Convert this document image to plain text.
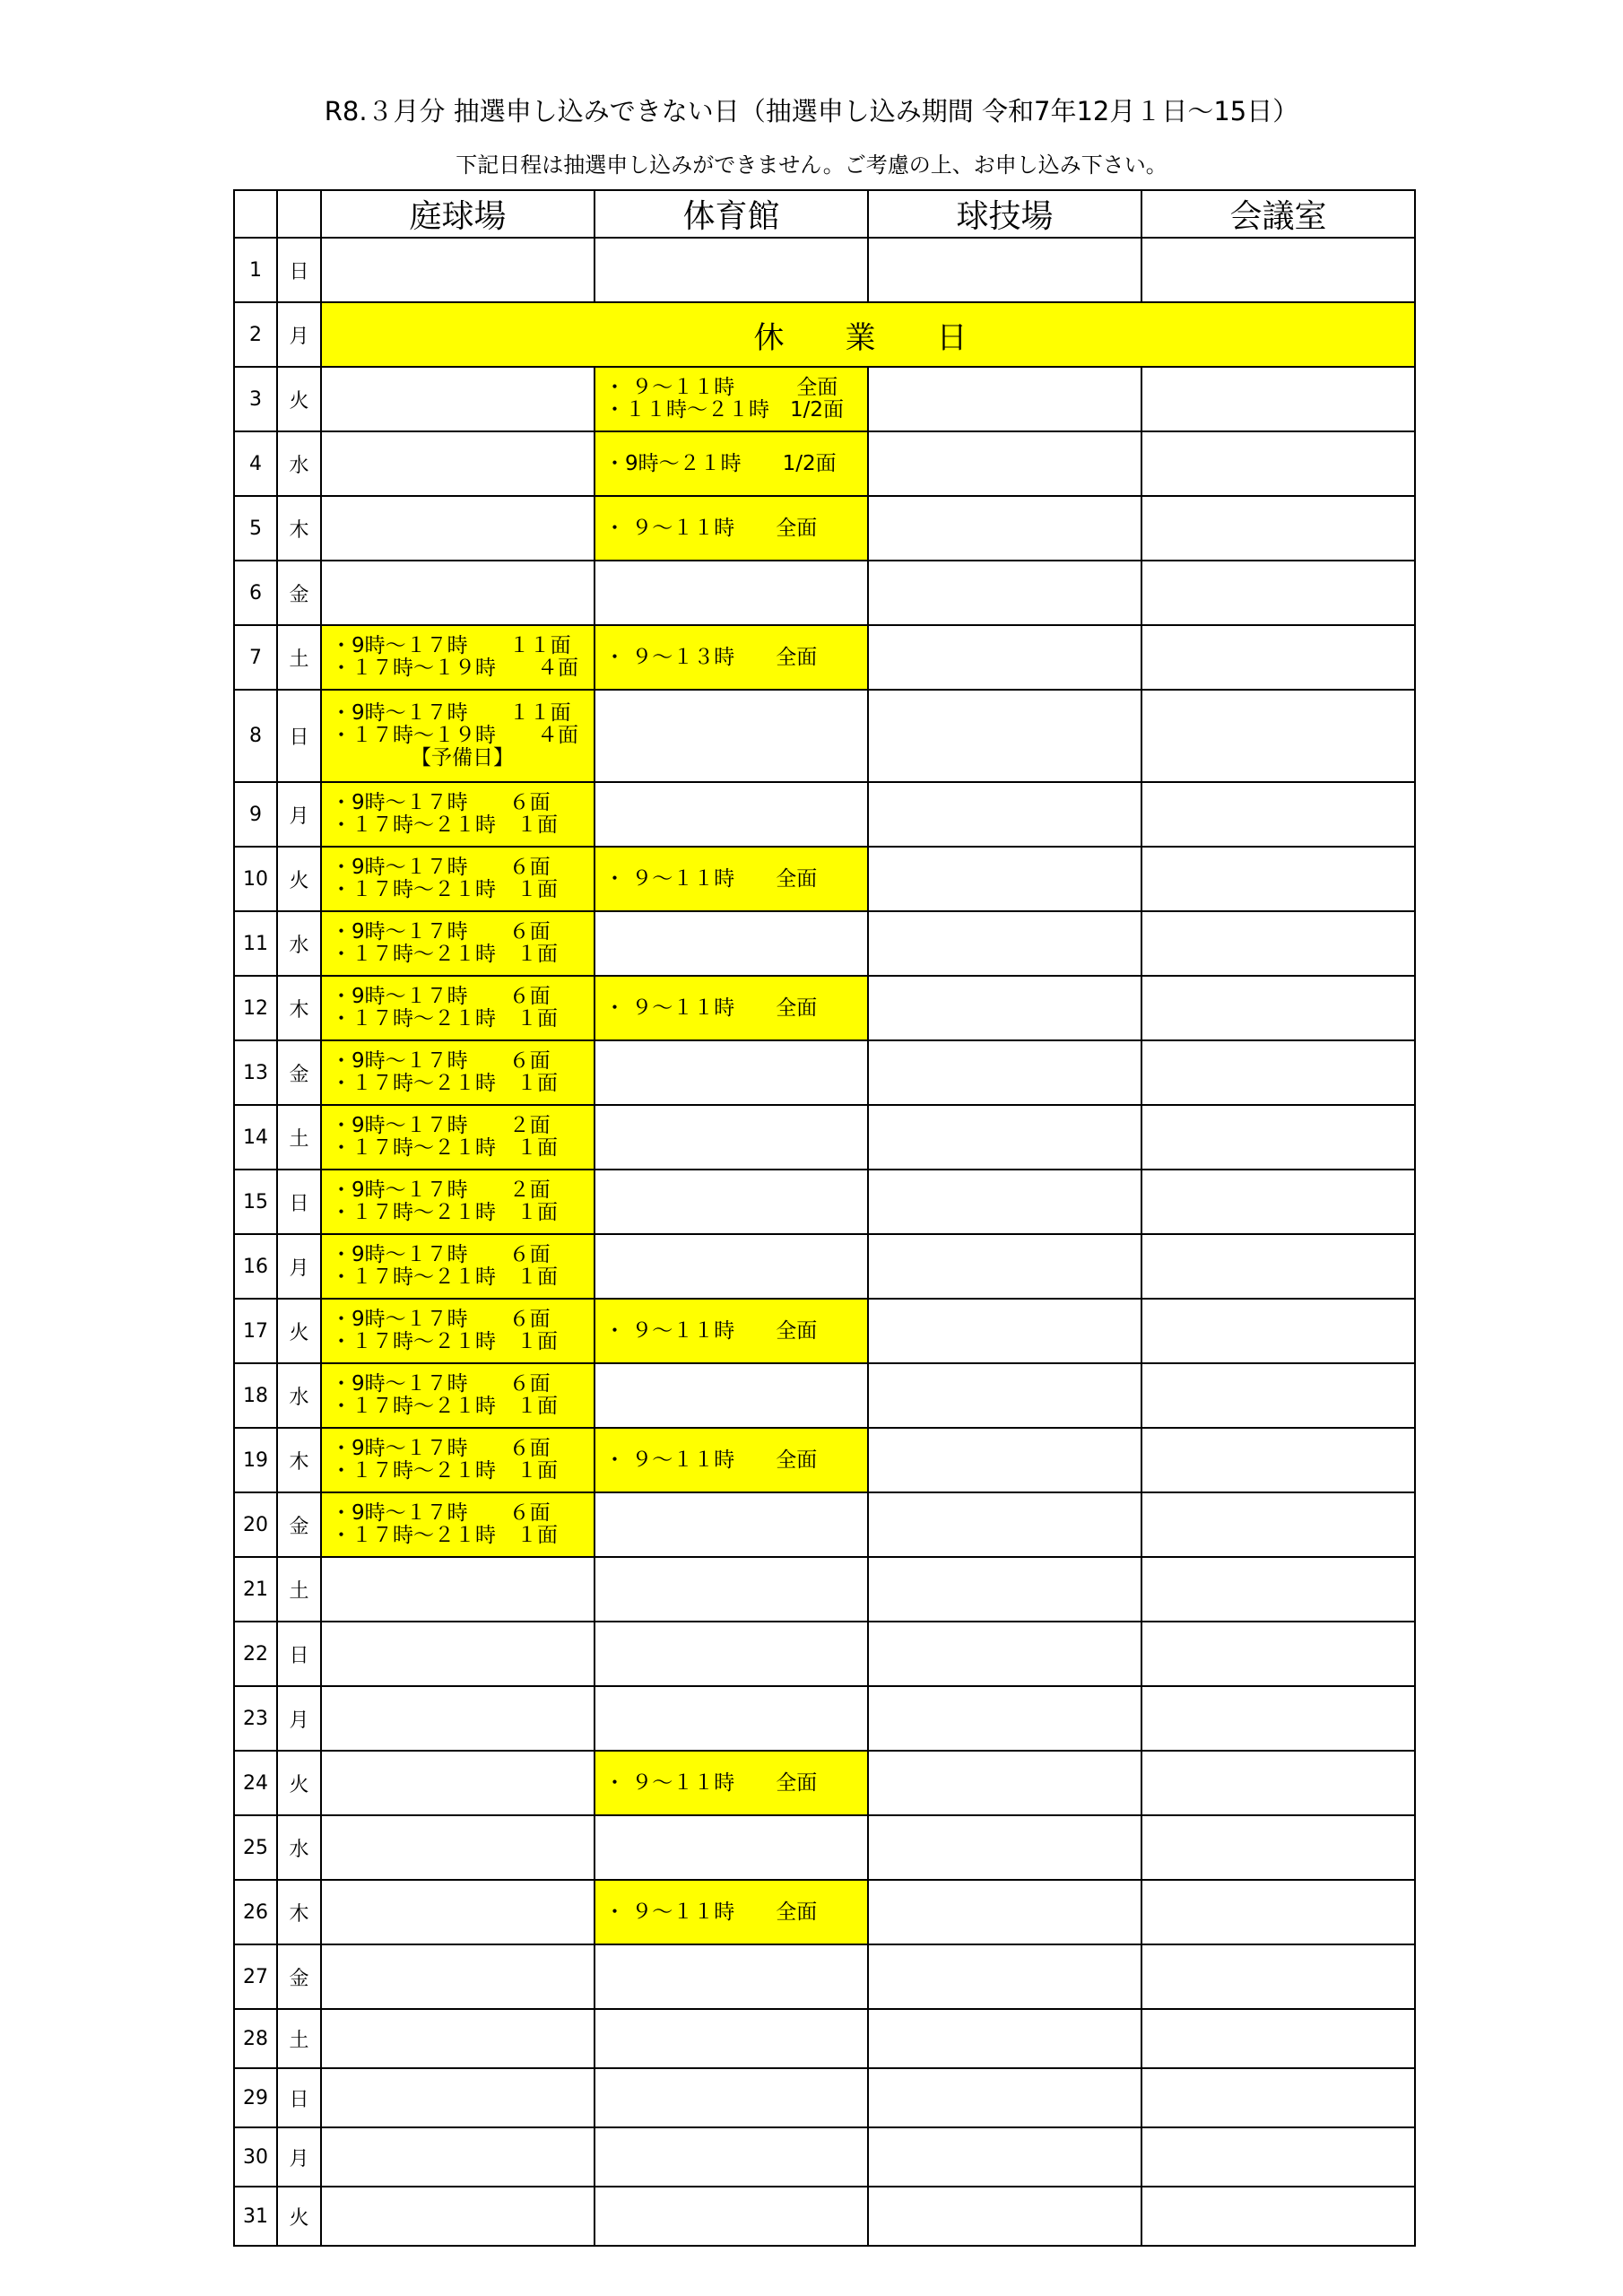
R8.３月分 抽選申し込みできない日（抽選申し込み期間 令和7年12月１日～15日）
下記日程は抽選申し込みができません。ご考慮の上、お申し込み下さい。
		庭球場	体育館	球技場	会議室
1	日				
2	月	休　業　日			
3	火		・ ９～１１時　　　全面
・１１時～２１時　1/2面		

4	水		・9時～２１時　　1/2面		

5	木		・ ９～１１時　　全面		

6	金				
7	土	・9時～１７時　　１１面
・１７時～１９時　　４面	・ ９～１３時　　全面		

8	日	・9時～１７時　　１１面
・１７時～１９時　　４面
【予備日】			

9	月	・9時～１７時　　６面
・１７時～２１時　１面			

10	火	・9時～１７時　　６面
・１７時～２１時　１面	・ ９～１１時　　全面		

11	水	・9時～１７時　　６面
・１７時～２１時　１面			

12	木	・9時～１７時　　６面
・１７時～２１時　１面	・ ９～１１時　　全面		

13	金	・9時～１７時　　６面
・１７時～２１時　１面			

14	土	・9時～１７時　　２面
・１７時～２１時　１面			

15	日	・9時～１７時　　２面
・１７時～２１時　１面			

16	月	・9時～１７時　　６面
・１７時～２１時　１面			

17	火	・9時～１７時　　６面
・１７時～２１時　１面	・ ９～１１時　　全面		

18	水	・9時～１７時　　６面
・１７時～２１時　１面			

19	木	・9時～１７時　　６面
・１７時～２１時　１面	・ ９～１１時　　全面		

20	金	・9時～１７時　　６面
・１７時～２１時　１面			

21	土				
22	日				
23	月				
24	火		・ ９～１１時　　全面		

25	水				
26	木		・ ９～１１時　　全面		

27	金				
28	土				
29	日				
30	月				
31	火				
